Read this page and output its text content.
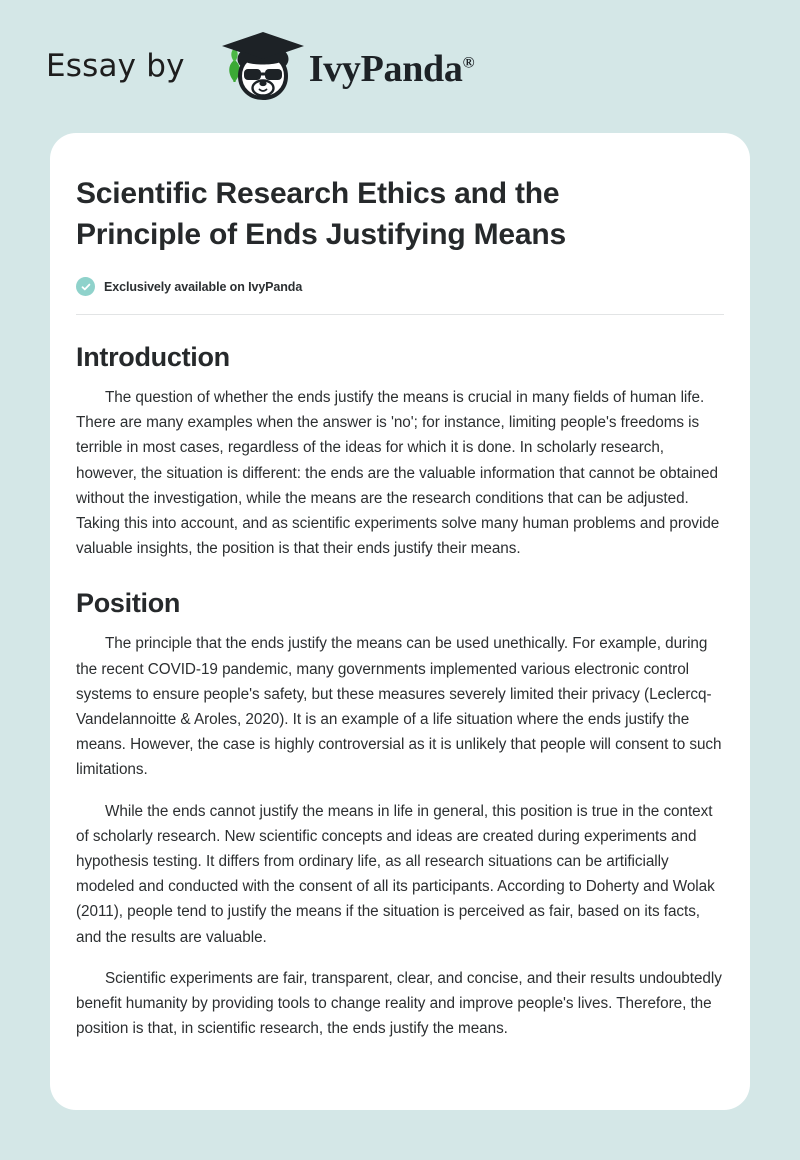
Essay by	IvyPanda®
Scientific Research Ethics and the Principle of Ends Justifying Means
Exclusively available on IvyPanda
Introduction

The question of whether the ends justify the means is crucial in many fields of human life. There are many examples when the answer is 'no'; for instance, limiting people's freedoms is terrible in most cases, regardless of the ideas for which it is done. In scholarly research, however, the situation is different: the ends are the valuable information that cannot be obtained without the investigation, while the means are the research conditions that can be adjusted. Taking this into account, and as scientific experiments solve many human problems and provide valuable insights, the position is that their ends justify their means.

Position

The principle that the ends justify the means can be used unethically. For example, during the recent COVID-19 pandemic, many governments implemented various electronic control systems to ensure people's safety, but these measures severely limited their privacy (Leclercq-Vandelannoitte & Aroles, 2020). It is an example of a life situation where the ends justify the means. However, the case is highly controversial as it is unlikely that people will consent to such limitations.

While the ends cannot justify the means in life in general, this position is true in the context of scholarly research. New scientific concepts and ideas are created during experiments and hypothesis testing. It differs from ordinary life, as all research situations can be artificially modeled and conducted with the consent of all its participants. According to Doherty and Wolak (2011), people tend to justify the means if the situation is perceived as fair, based on its facts, and the results are valuable.

Scientific experiments are fair, transparent, clear, and concise, and their results undoubtedly benefit humanity by providing tools to change reality and improve people's lives. Therefore, the position is that, in scientific research, the ends justify the means.
